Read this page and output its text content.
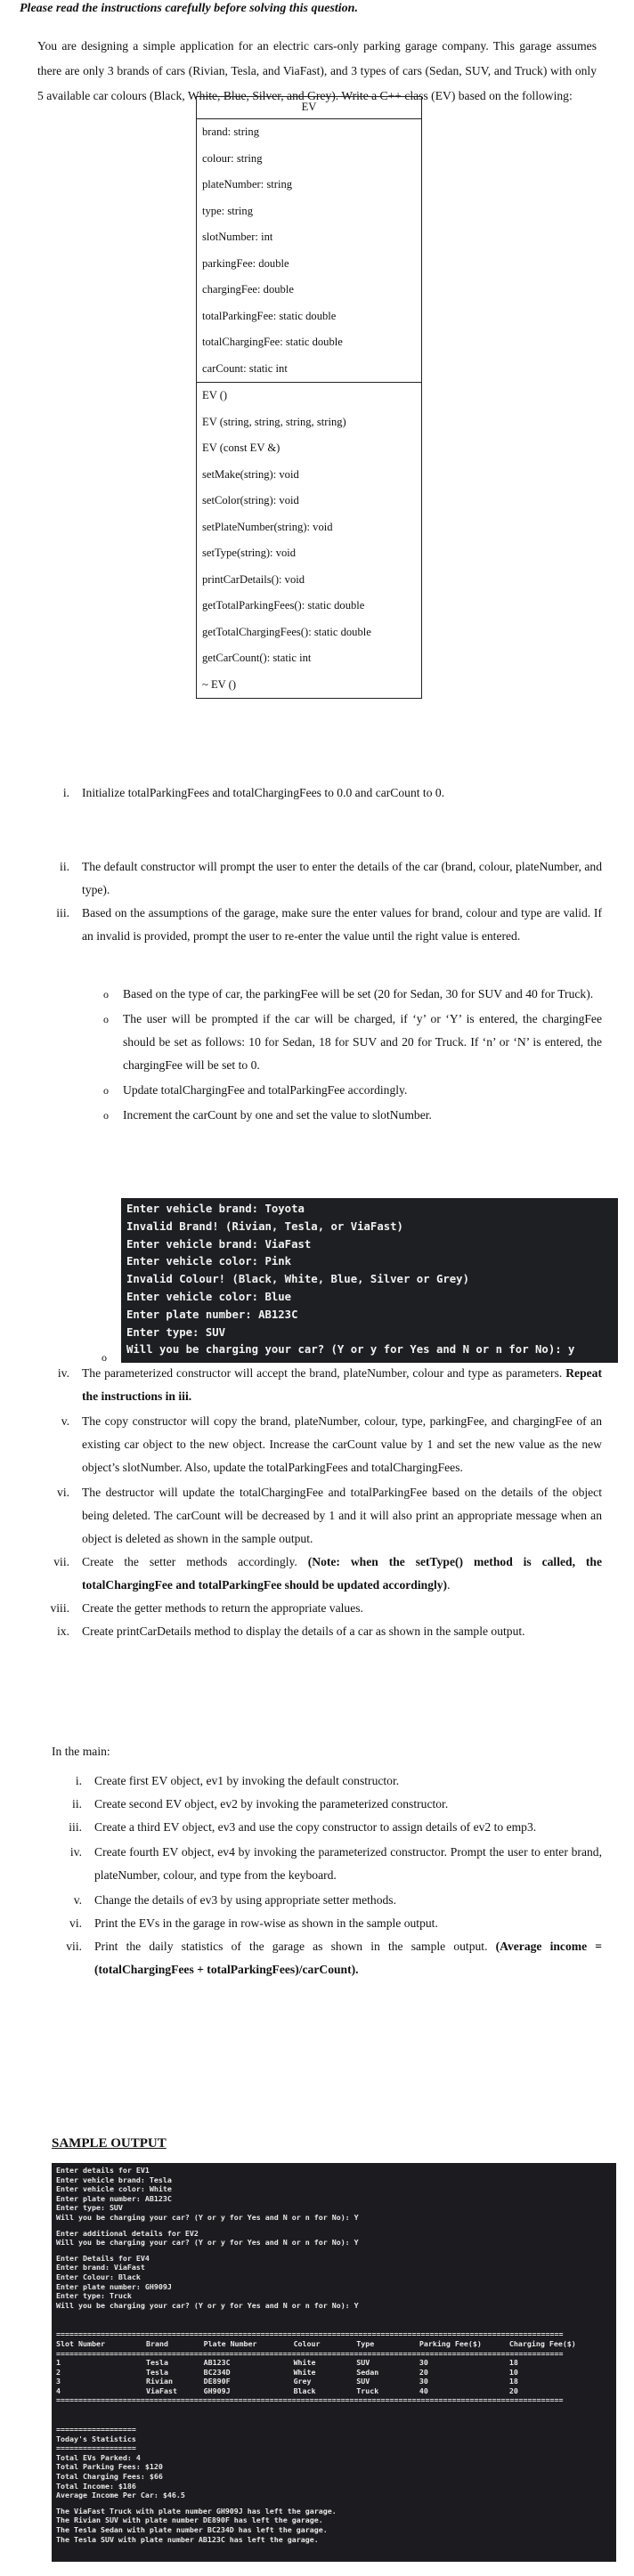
Please read the instructions carefully before solving this question.
You are designing a simple application for an electric cars-only parking garage company. This garage assumes there are only 3 brands of cars (Rivian, Tesla, and ViaFast), and 3 types of cars (Sedan, SUV, and Truck) with only 5 available car colours (Black, White, Blue, Silver, and Grey). Write a C++ class (EV) based on the following:
EV
brand: string
colour: string
plateNumber: string
type: string
slotNumber: int
parkingFee: double
chargingFee: double
totalParkingFee: static double
totalChargingFee: static double
carCount: static int
EV ()
EV (string, string, string, string)
EV (const EV &)
setMake(string): void
setColor(string): void
setPlateNumber(string): void
setType(string): void
printCarDetails(): void
getTotalParkingFees(): static double
getTotalChargingFees(): static double
getCarCount(): static int
~ EV ()
i. Initialize totalParkingFees and totalChargingFees to 0.0 and carCount to 0.
ii. The default constructor will prompt the user to enter the details of the car (brand, colour, plateNumber, and type).
iii. Based on the assumptions of the garage, make sure the enter values for brand, colour and type are valid. If an invalid is provided, prompt the user to re-enter the value until the right value is entered.
o Based on the type of car, the parkingFee will be set (20 for Sedan, 30 for SUV and 40 for Truck).
o The user will be prompted if the car will be charged, if ‘y’ or ‘Y’ is entered, the chargingFee should be set as follows: 10 for Sedan, 18 for SUV and 20 for Truck. If ‘n’ or ‘N’ is entered, the chargingFee will be set to 0.
o Update totalChargingFee and totalParkingFee accordingly.
o Increment the carCount by one and set the value to slotNumber.
Enter vehicle brand: Toyota
Invalid Brand! (Rivian, Tesla, or ViaFast)
Enter vehicle brand: ViaFast
Enter vehicle color: Pink
Invalid Colour! (Black, White, Blue, Silver or Grey)
Enter vehicle color: Blue
Enter plate number: AB123C
Enter type: SUV
Will you be charging your car? (Y or y for Yes and N or n for No): y
o
iv. The parameterized constructor will accept the brand, plateNumber, colour and type as parameters. Repeat the instructions in iii.
v. The copy constructor will copy the brand, plateNumber, colour, type, parkingFee, and chargingFee of an existing car object to the new object. Increase the carCount value by 1 and set the new value as the new object’s slotNumber. Also, update the totalParkingFees and totalChargingFees.
vi. The destructor will update the totalChargingFee and totalParkingFee based on the details of the object being deleted. The carCount will be decreased by 1 and it will also print an appropriate message when an object is deleted as shown in the sample output.
vii. Create the setter methods accordingly. (Note: when the setType() method is called, the totalChargingFee and totalParkingFee should be updated accordingly).
viii. Create the getter methods to return the appropriate values.
ix. Create printCarDetails method to display the details of a car as shown in the sample output.
In the main:
i. Create first EV object, ev1 by invoking the default constructor.
ii. Create second EV object, ev2 by invoking the parameterized constructor.
iii. Create a third EV object, ev3 and use the copy constructor to assign details of ev2 to emp3.
iv. Create fourth EV object, ev4 by invoking the parameterized constructor. Prompt the user to enter brand, plateNumber, colour, and type from the keyboard.
v. Change the details of ev3 by using appropriate setter methods.
vi. Print the EVs in the garage in row-wise as shown in the sample output.
vii. Print the daily statistics of the garage as shown in the sample output. (Average income = (totalChargingFees + totalParkingFees)/carCount).
SAMPLE OUTPUT
Enter details for EV1
Enter vehicle brand: Tesla
Enter vehicle color: White
Enter plate number: AB123C
Enter type: SUV
Will you be charging your car? (Y or y for Yes and N or n for No): Y
Enter additional details for EV2
Will you be charging your car? (Y or y for Yes and N or n for No): Y
Enter Details for EV4
Enter brand: ViaFast
Enter Colour: Black
Enter plate number: GH909J
Enter type: Truck
Will you be charging your car? (Y or y for Yes and N or n for No): Y
==================================================================================================================
Slot Number	Brand	Plate Number	Colour	Type	Parking Fee($)	Charging Fee($)
==================================================================================================================
1	Tesla	AB123C	White	SUV	30	18
2	Tesla	BC234D	White	Sedan	20	10
3	Rivian	DE890F	Grey	SUV	30	18
4	ViaFast	GH909J	Black	Truck	40	20
==================================================================================================================
==================
Today's Statistics
==================
Total EVs Parked: 4
Total Parking Fees: $120
Total Charging Fees: $66
Total Income: $186
Average Income Per Car: $46.5
The ViaFast Truck with plate number GH909J has left the garage.
The Rivian SUV with plate number DE890F has left the garage.
The Tesla Sedan with plate number BC234D has left the garage.
The Tesla SUV with plate number AB123C has left the garage.
